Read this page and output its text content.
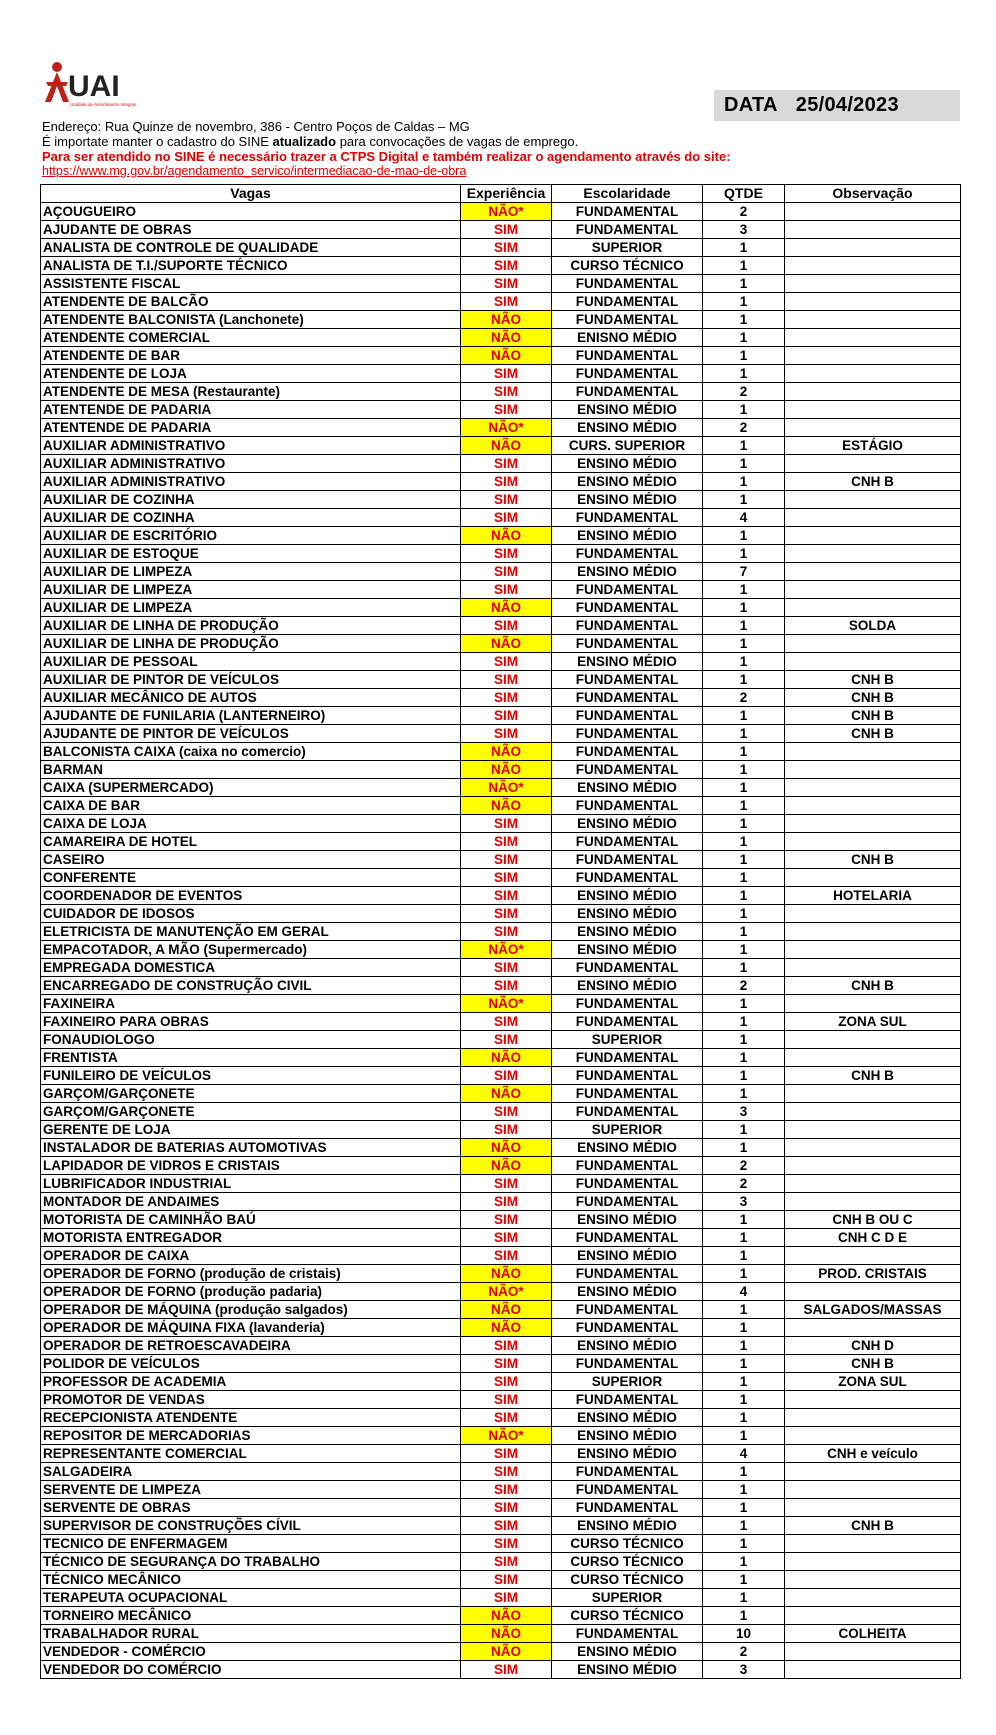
UAI
Unidade de Atendimento Integrado	DATA 25/04/2023
Endereço: Rua Quinze de novembro, 386 - Centro Poços de Caldas – MG
É importate manter o cadastro do SINE atualizado para convocações de vagas de emprego.
Para ser atendido no SINE é necessário trazer a CTPS Digital e também realizar o agendamento através do site:
https://www.mg.gov.br/agendamento_servico/intermediacao-de-mao-de-obra
Vagas	Experiência	Escolaridade	QTDE	Observação
AÇOUGUEIRO	NÃO*	FUNDAMENTAL	2	
AJUDANTE DE OBRAS	SIM	FUNDAMENTAL	3	
ANALISTA DE CONTROLE DE QUALIDADE	SIM	SUPERIOR	1	
ANALISTA DE T.I./SUPORTE TÉCNICO	SIM	CURSO TÉCNICO	1	
ASSISTENTE FISCAL	SIM	FUNDAMENTAL	1	
ATENDENTE DE BALCÃO	SIM	FUNDAMENTAL	1	
ATENDENTE BALCONISTA (Lanchonete)	NÃO	FUNDAMENTAL	1	
ATENDENTE COMERCIAL	NÃO	ENISNO MÉDIO	1	
ATENDENTE DE BAR	NÃO	FUNDAMENTAL	1	
ATENDENTE DE LOJA	SIM	FUNDAMENTAL	1	
ATENDENTE DE MESA (Restaurante)	SIM	FUNDAMENTAL	2	
ATENTENDE DE PADARIA	SIM	ENSINO MÉDIO	1	
ATENTENDE DE PADARIA	NÃO*	ENSINO MÉDIO	2	
AUXILIAR ADMINISTRATIVO	NÃO	CURS. SUPERIOR	1	ESTÁGIO
AUXILIAR ADMINISTRATIVO	SIM	ENSINO MÉDIO	1	
AUXILIAR ADMINISTRATIVO	SIM	ENSINO MÉDIO	1	CNH B
AUXILIAR DE COZINHA	SIM	ENSINO MÉDIO	1	
AUXILIAR DE COZINHA	SIM	FUNDAMENTAL	4	
AUXILIAR DE ESCRITÓRIO	NÃO	ENSINO MÉDIO	1	
AUXILIAR DE ESTOQUE	SIM	FUNDAMENTAL	1	
AUXILIAR DE LIMPEZA	SIM	ENSINO MÉDIO	7	
AUXILIAR DE LIMPEZA	SIM	FUNDAMENTAL	1	
AUXILIAR DE LIMPEZA	NÃO	FUNDAMENTAL	1	
AUXILIAR DE LINHA DE PRODUÇÃO	SIM	FUNDAMENTAL	1	SOLDA
AUXILIAR DE LINHA DE PRODUÇÃO	NÃO	FUNDAMENTAL	1	
AUXILIAR DE PESSOAL	SIM	ENSINO MÉDIO	1	
AUXILIAR DE PINTOR DE VEÍCULOS	SIM	FUNDAMENTAL	1	CNH B
AUXILIAR MECÂNICO DE AUTOS	SIM	FUNDAMENTAL	2	CNH B
AJUDANTE DE FUNILARIA (LANTERNEIRO)	SIM	FUNDAMENTAL	1	CNH B
AJUDANTE DE PINTOR DE VEÍCULOS	SIM	FUNDAMENTAL	1	CNH B
BALCONISTA CAIXA (caixa no comercio)	NÃO	FUNDAMENTAL	1	
BARMAN	NÃO	FUNDAMENTAL	1	
CAIXA (SUPERMERCADO)	NÃO*	ENSINO MÉDIO	1	
CAIXA DE BAR	NÃO	FUNDAMENTAL	1	
CAIXA DE LOJA	SIM	ENSINO MÉDIO	1	
CAMAREIRA DE HOTEL	SIM	FUNDAMENTAL	1	
CASEIRO	SIM	FUNDAMENTAL	1	CNH B
CONFERENTE	SIM	FUNDAMENTAL	1	
COORDENADOR DE EVENTOS	SIM	ENSINO MÉDIO	1	HOTELARIA
CUIDADOR DE IDOSOS	SIM	ENSINO MÉDIO	1	
ELETRICISTA DE MANUTENÇÃO EM GERAL	SIM	ENSINO MÉDIO	1	
EMPACOTADOR, A MÃO (Supermercado)	NÃO*	ENSINO MÉDIO	1	
EMPREGADA DOMESTICA	SIM	FUNDAMENTAL	1	
ENCARREGADO DE CONSTRUÇÃO CIVIL	SIM	ENSINO MÉDIO	2	CNH B
FAXINEIRA	NÃO*	FUNDAMENTAL	1	
FAXINEIRO PARA OBRAS	SIM	FUNDAMENTAL	1	ZONA SUL
FONAUDIOLOGO	SIM	SUPERIOR	1	
FRENTISTA	NÃO	FUNDAMENTAL	1	
FUNILEIRO DE VEÍCULOS	SIM	FUNDAMENTAL	1	CNH B
GARÇOM/GARÇONETE	NÃO	FUNDAMENTAL	1	
GARÇOM/GARÇONETE	SIM	FUNDAMENTAL	3	
GERENTE DE LOJA	SIM	SUPERIOR	1	
INSTALADOR DE BATERIAS AUTOMOTIVAS	NÃO	ENSINO MÉDIO	1	
LAPIDADOR DE VIDROS E CRISTAIS	NÃO	FUNDAMENTAL	2	
LUBRIFICADOR INDUSTRIAL	SIM	FUNDAMENTAL	2	
MONTADOR DE ANDAIMES	SIM	FUNDAMENTAL	3	
MOTORISTA DE CAMINHÃO BAÚ	SIM	ENSINO MÉDIO	1	CNH B OU C
MOTORISTA ENTREGADOR	SIM	FUNDAMENTAL	1	CNH C D E
OPERADOR DE CAIXA	SIM	ENSINO MÉDIO	1	
OPERADOR DE FORNO (produção de cristais)	NÃO	FUNDAMENTAL	1	PROD. CRISTAIS
OPERADOR DE FORNO (produção padaria)	NÃO*	ENSINO MÉDIO	4	
OPERADOR DE MÁQUINA (produção salgados)	NÃO	FUNDAMENTAL	1	SALGADOS/MASSAS
OPERADOR DE MÁQUINA FIXA (lavanderia)	NÃO	FUNDAMENTAL	1	
OPERADOR DE RETROESCAVADEIRA	SIM	ENSINO MÉDIO	1	CNH D
POLIDOR DE VEÍCULOS	SIM	FUNDAMENTAL	1	CNH B
PROFESSOR DE ACADEMIA	SIM	SUPERIOR	1	ZONA SUL
PROMOTOR DE VENDAS	SIM	FUNDAMENTAL	1	
RECEPCIONISTA ATENDENTE	SIM	ENSINO MÉDIO	1	
REPOSITOR DE MERCADORIAS	NÃO*	ENSINO MÉDIO	1	
REPRESENTANTE COMERCIAL	SIM	ENSINO MÉDIO	4	CNH e veículo
SALGADEIRA	SIM	FUNDAMENTAL	1	
SERVENTE DE LIMPEZA	SIM	FUNDAMENTAL	1	
SERVENTE DE OBRAS	SIM	FUNDAMENTAL	1	
SUPERVISOR DE CONSTRUÇÕES CÍVIL	SIM	ENSINO MÉDIO	1	CNH B
TECNICO DE ENFERMAGEM	SIM	CURSO TÉCNICO	1	
TÉCNICO DE SEGURANÇA DO TRABALHO	SIM	CURSO TÉCNICO	1	
TÉCNICO MECÂNICO	SIM	CURSO TÉCNICO	1	
TERAPEUTA OCUPACIONAL	SIM	SUPERIOR	1	
TORNEIRO MECÂNICO	NÃO	CURSO TÉCNICO	1	
TRABALHADOR RURAL	NÃO	FUNDAMENTAL	10	COLHEITA
VENDEDOR - COMÉRCIO	NÃO	ENSINO MÉDIO	2	
VENDEDOR DO COMÉRCIO	SIM	ENSINO MÉDIO	3	
